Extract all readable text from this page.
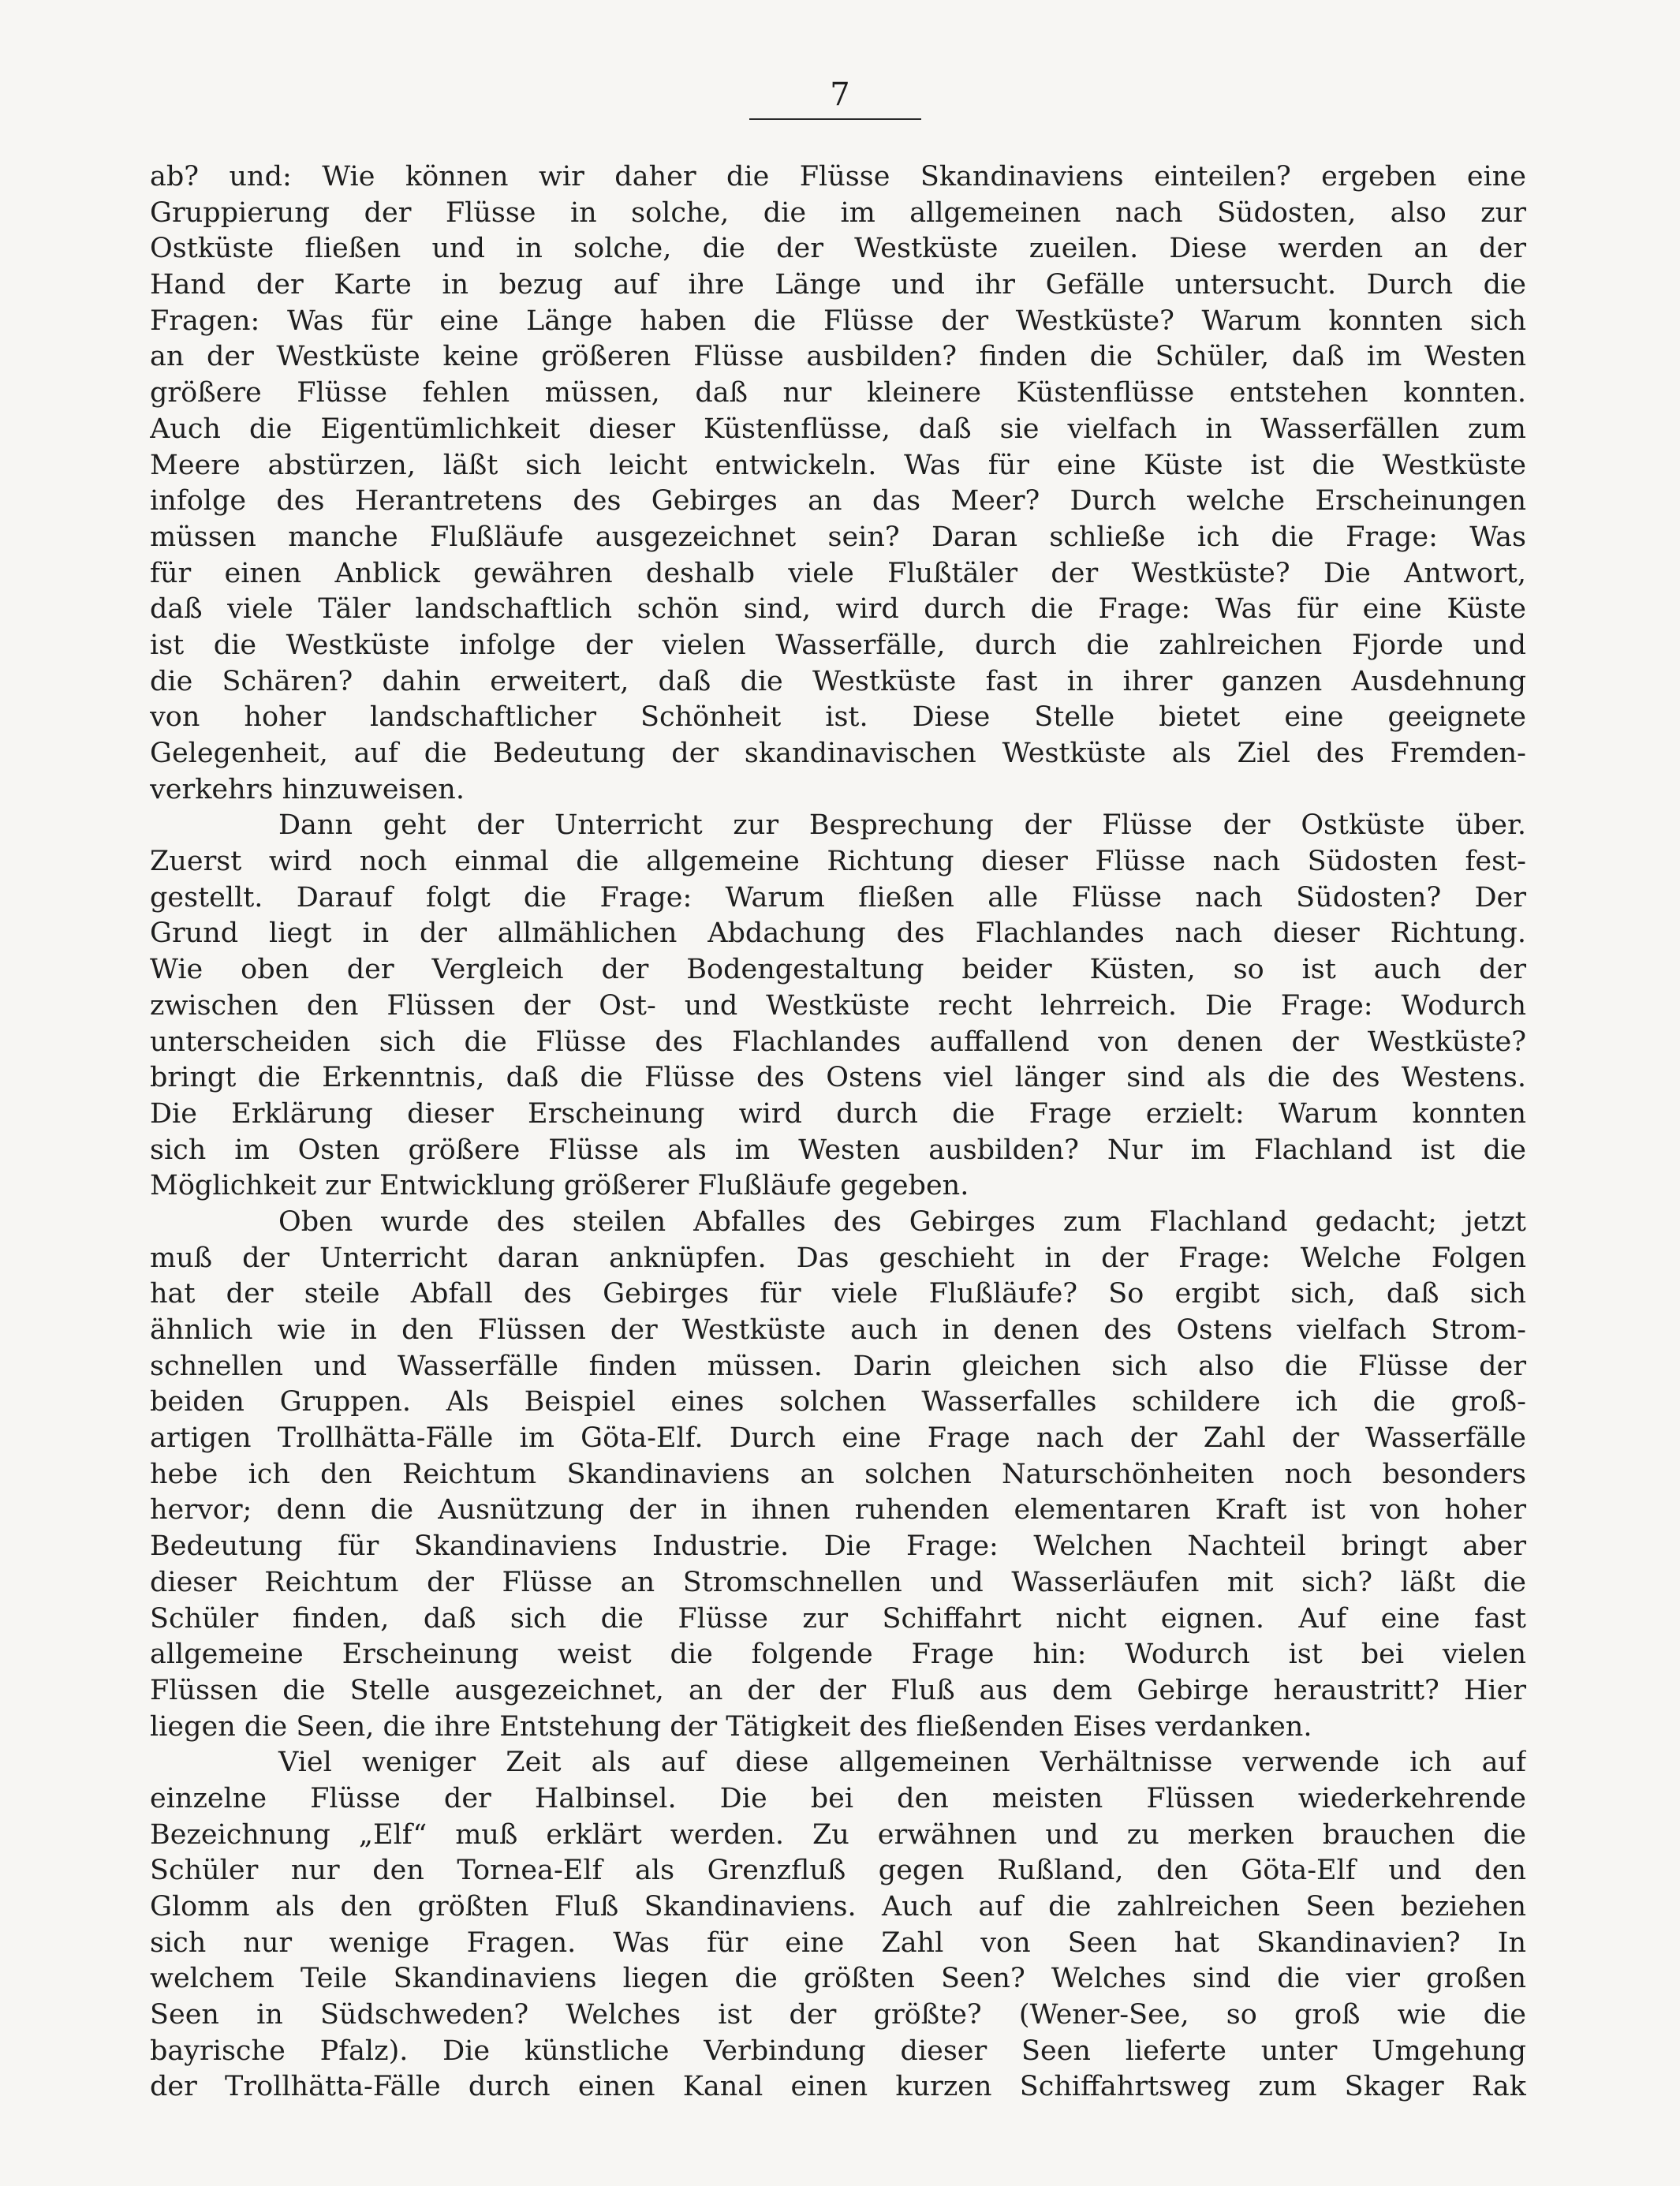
7
ab? und: Wie können wir daher die Flüsse Skandinaviens einteilen? ergeben eine
Gruppierung der Flüsse in solche, die im allgemeinen nach Südosten, also zur
Ostküste fließen und in solche, die der Westküste zueilen. Diese werden an der
Hand der Karte in bezug auf ihre Länge und ihr Gefälle untersucht. Durch die
Fragen: Was für eine Länge haben die Flüsse der Westküste? Warum konnten sich
an der Westküste keine größeren Flüsse ausbilden? finden die Schüler, daß im Westen
größere Flüsse fehlen müssen, daß nur kleinere Küstenflüsse entstehen konnten.
Auch die Eigentümlichkeit dieser Küstenflüsse, daß sie vielfach in Wasserfällen zum
Meere abstürzen, läßt sich leicht entwickeln. Was für eine Küste ist die Westküste
infolge des Herantretens des Gebirges an das Meer? Durch welche Erscheinungen
müssen manche Flußläufe ausgezeichnet sein? Daran schließe ich die Frage: Was
für einen Anblick gewähren deshalb viele Flußtäler der Westküste? Die Antwort,
daß viele Täler landschaftlich schön sind, wird durch die Frage: Was für eine Küste
ist die Westküste infolge der vielen Wasserfälle, durch die zahlreichen Fjorde und
die Schären? dahin erweitert, daß die Westküste fast in ihrer ganzen Ausdehnung
von hoher landschaftlicher Schönheit ist. Diese Stelle bietet eine geeignete
Gelegenheit, auf die Bedeutung der skandinavischen Westküste als Ziel des Fremden-
verkehrs hinzuweisen.
Dann geht der Unterricht zur Besprechung der Flüsse der Ostküste über.
Zuerst wird noch einmal die allgemeine Richtung dieser Flüsse nach Südosten fest-
gestellt. Darauf folgt die Frage: Warum fließen alle Flüsse nach Südosten? Der
Grund liegt in der allmählichen Abdachung des Flachlandes nach dieser Richtung.
Wie oben der Vergleich der Bodengestaltung beider Küsten, so ist auch der
zwischen den Flüssen der Ost- und Westküste recht lehrreich. Die Frage: Wodurch
unterscheiden sich die Flüsse des Flachlandes auffallend von denen der Westküste?
bringt die Erkenntnis, daß die Flüsse des Ostens viel länger sind als die des Westens.
Die Erklärung dieser Erscheinung wird durch die Frage erzielt: Warum konnten
sich im Osten größere Flüsse als im Westen ausbilden? Nur im Flachland ist die
Möglichkeit zur Entwicklung größerer Flußläufe gegeben.
Oben wurde des steilen Abfalles des Gebirges zum Flachland gedacht; jetzt
muß der Unterricht daran anknüpfen. Das geschieht in der Frage: Welche Folgen
hat der steile Abfall des Gebirges für viele Flußläufe? So ergibt sich, daß sich
ähnlich wie in den Flüssen der Westküste auch in denen des Ostens vielfach Strom-
schnellen und Wasserfälle finden müssen. Darin gleichen sich also die Flüsse der
beiden Gruppen. Als Beispiel eines solchen Wasserfalles schildere ich die groß-
artigen Trollhätta-Fälle im Göta-Elf. Durch eine Frage nach der Zahl der Wasserfälle
hebe ich den Reichtum Skandinaviens an solchen Naturschönheiten noch besonders
hervor; denn die Ausnützung der in ihnen ruhenden elementaren Kraft ist von hoher
Bedeutung für Skandinaviens Industrie. Die Frage: Welchen Nachteil bringt aber
dieser Reichtum der Flüsse an Stromschnellen und Wasserläufen mit sich? läßt die
Schüler finden, daß sich die Flüsse zur Schiffahrt nicht eignen. Auf eine fast
allgemeine Erscheinung weist die folgende Frage hin: Wodurch ist bei vielen
Flüssen die Stelle ausgezeichnet, an der der Fluß aus dem Gebirge heraustritt? Hier
liegen die Seen, die ihre Entstehung der Tätigkeit des fließenden Eises verdanken.
Viel weniger Zeit als auf diese allgemeinen Verhältnisse verwende ich auf
einzelne Flüsse der Halbinsel. Die bei den meisten Flüssen wiederkehrende
Bezeichnung „Elf“ muß erklärt werden. Zu erwähnen und zu merken brauchen die
Schüler nur den Tornea-Elf als Grenzfluß gegen Rußland, den Göta-Elf und den
Glomm als den größten Fluß Skandinaviens. Auch auf die zahlreichen Seen beziehen
sich nur wenige Fragen. Was für eine Zahl von Seen hat Skandinavien? In
welchem Teile Skandinaviens liegen die größten Seen? Welches sind die vier großen
Seen in Südschweden? Welches ist der größte? (Wener-See, so groß wie die
bayrische Pfalz). Die künstliche Verbindung dieser Seen lieferte unter Umgehung
der Trollhätta-Fälle durch einen Kanal einen kurzen Schiffahrtsweg zum Skager Rak
